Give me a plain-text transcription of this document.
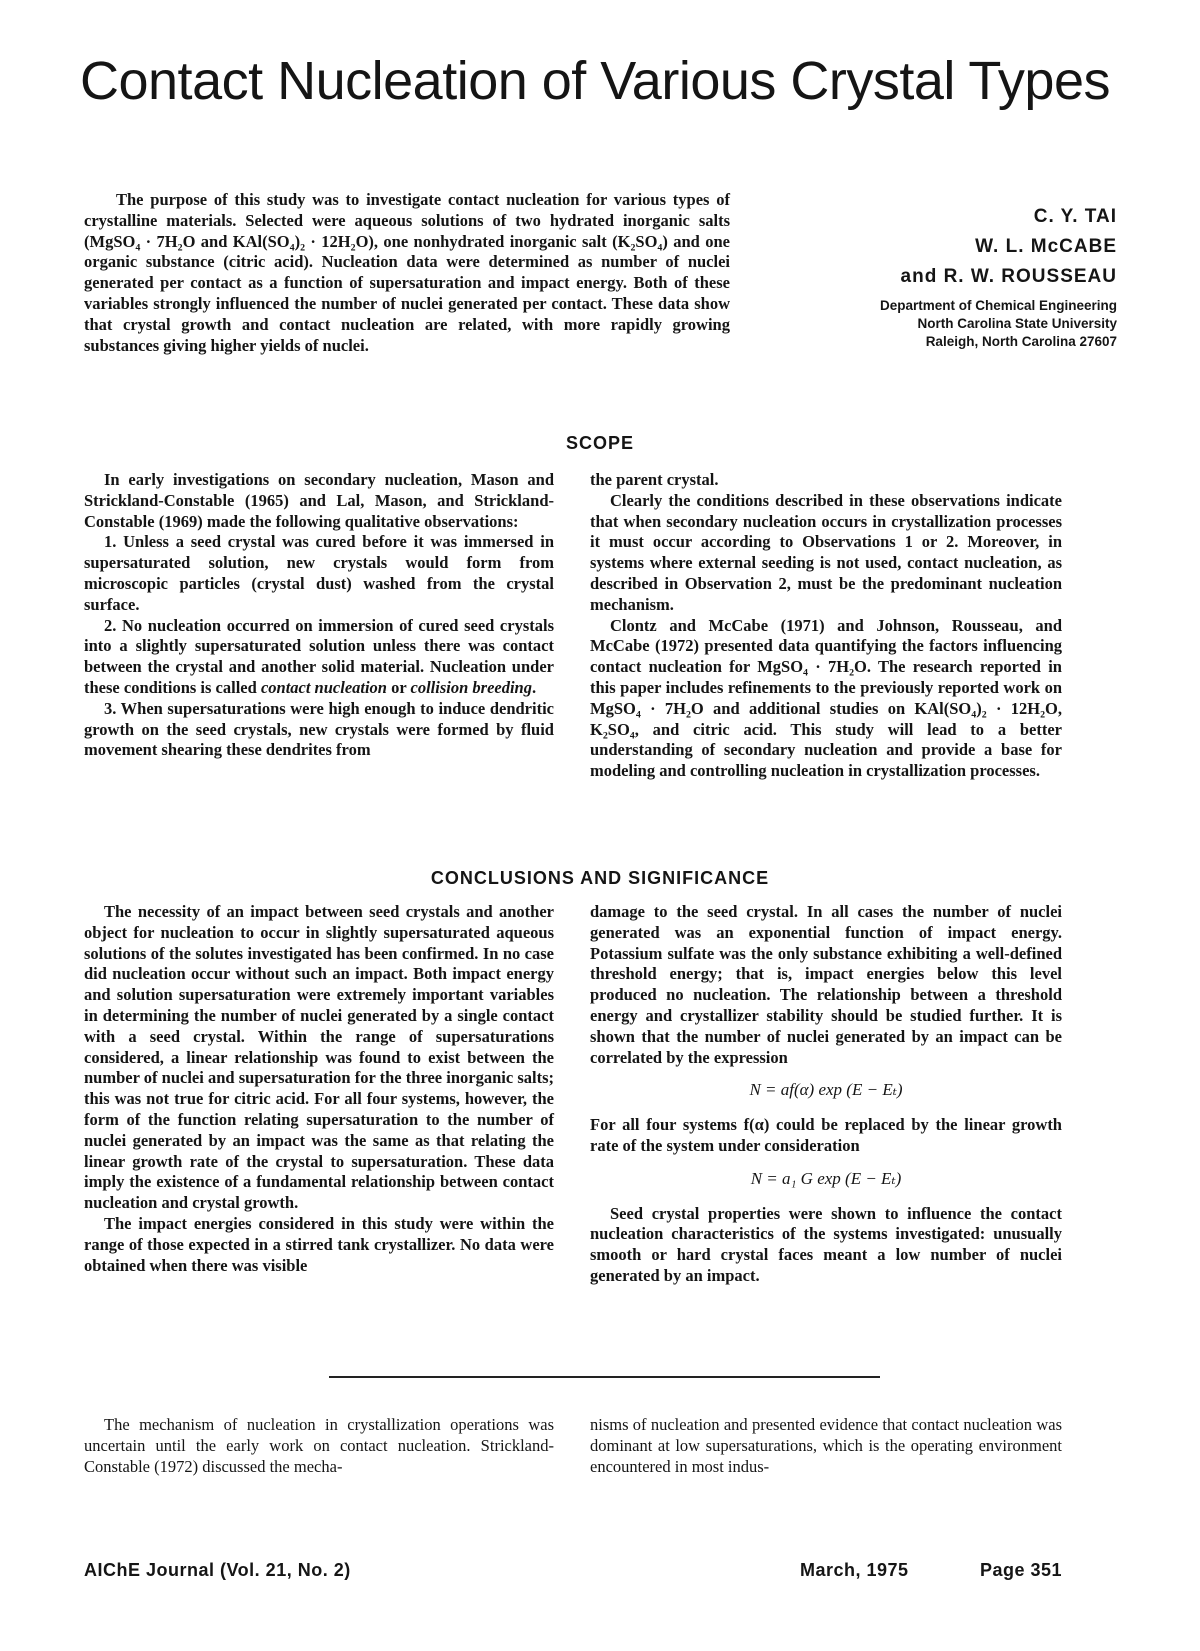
Contact Nucleation of Various Crystal Types

The purpose of this study was to investigate contact nucleation for various types of crystalline materials. Selected were aqueous solutions of two hydrated inorganic salts (MgSO₄ · 7H₂O and KAl(SO₄)₂ · 12H₂O), one nonhydrated inorganic salt (K₂SO₄) and one organic substance (citric acid). Nucleation data were determined as number of nuclei generated per contact as a function of supersaturation and impact energy. Both of these variables strongly influenced the number of nuclei generated per contact. These data show that crystal growth and contact nucleation are related, with more rapidly growing substances giving higher yields of nuclei.

C. Y. TAI
W. L. McCABE
and R. W. ROUSSEAU
Department of Chemical Engineering
North Carolina State University
Raleigh, North Carolina 27607
SCOPE

In early investigations on secondary nucleation, Mason and Strickland-Constable (1965) and Lal, Mason, and Strickland-Constable (1969) made the following qualitative observations:

1. Unless a seed crystal was cured before it was immersed in supersaturated solution, new crystals would form from microscopic particles (crystal dust) washed from the crystal surface.

2. No nucleation occurred on immersion of cured seed crystals into a slightly supersaturated solution unless there was contact between the crystal and another solid material. Nucleation under these conditions is called contact nucleation or collision breeding.

3. When supersaturations were high enough to induce dendritic growth on the seed crystals, new crystals were formed by fluid movement shearing these dendrites from

the parent crystal.

Clearly the conditions described in these observations indicate that when secondary nucleation occurs in crystallization processes it must occur according to Observations 1 or 2. Moreover, in systems where external seeding is not used, contact nucleation, as described in Observation 2, must be the predominant nucleation mechanism.

Clontz and McCabe (1971) and Johnson, Rousseau, and McCabe (1972) presented data quantifying the factors influencing contact nucleation for MgSO₄ · 7H₂O. The research reported in this paper includes refinements to the previously reported work on MgSO₄ · 7H₂O and additional studies on KAl(SO₄)₂ · 12H₂O, K₂SO₄, and citric acid. This study will lead to a better understanding of secondary nucleation and provide a base for modeling and controlling nucleation in crystallization processes.

CONCLUSIONS AND SIGNIFICANCE

The necessity of an impact between seed crystals and another object for nucleation to occur in slightly supersaturated aqueous solutions of the solutes investigated has been confirmed. In no case did nucleation occur without such an impact. Both impact energy and solution supersaturation were extremely important variables in determining the number of nuclei generated by a single contact with a seed crystal. Within the range of supersaturations considered, a linear relationship was found to exist between the number of nuclei and supersaturation for the three inorganic salts; this was not true for citric acid. For all four systems, however, the form of the function relating supersaturation to the number of nuclei generated by an impact was the same as that relating the linear growth rate of the crystal to supersaturation. These data imply the existence of a fundamental relationship between contact nucleation and crystal growth.

The impact energies considered in this study were within the range of those expected in a stirred tank crystallizer. No data were obtained when there was visible

damage to the seed crystal. In all cases the number of nuclei generated was an exponential function of impact energy. Potassium sulfate was the only substance exhibiting a well-defined threshold energy; that is, impact energies below this level produced no nucleation. The relationship between a threshold energy and crystallizer stability should be studied further. It is shown that the number of nuclei generated by an impact can be correlated by the expression

N = af(α) exp (E − Eₜ)

For all four systems f(α) could be replaced by the linear growth rate of the system under consideration

N = a₁ G exp (E − Eₜ)

Seed crystal properties were shown to influence the contact nucleation characteristics of the systems investigated: unusually smooth or hard crystal faces meant a low number of nuclei generated by an impact.

The mechanism of nucleation in crystallization operations was uncertain until the early work on contact nucleation. Strickland-Constable (1972) discussed the mecha-

nisms of nucleation and presented evidence that contact nucleation was dominant at low supersaturations, which is the operating environment encountered in most indus-

AIChE Journal (Vol. 21, No. 2)	March, 1975	Page 351
